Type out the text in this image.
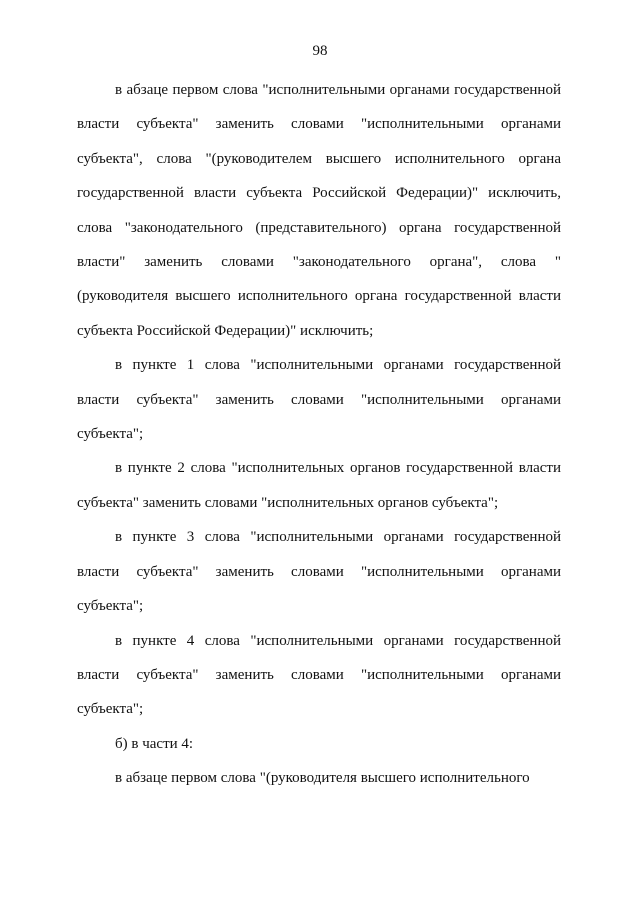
98

в абзаце первом слова "исполнительными органами государственной власти субъекта" заменить словами "исполнительными органами субъекта", слова "(руководителем высшего исполнительного органа государственной власти субъекта Российской Федерации)" исключить, слова "законодательного (представительного) органа государственной власти" заменить словами "законодательного органа", слова "(руководителя высшего исполнительного органа государственной власти субъекта Российской Федерации)" исключить;

в пункте 1 слова "исполнительными органами государственной власти субъекта" заменить словами "исполнительными органами субъекта";

в пункте 2 слова "исполнительных органов государственной власти субъекта" заменить словами "исполнительных органов субъекта";

в пункте 3 слова "исполнительными органами государственной власти субъекта" заменить словами "исполнительными органами субъекта";

в пункте 4 слова "исполнительными органами государственной власти субъекта" заменить словами "исполнительными органами субъекта";

б) в части 4:

в абзаце первом слова "(руководителя высшего исполнительного
